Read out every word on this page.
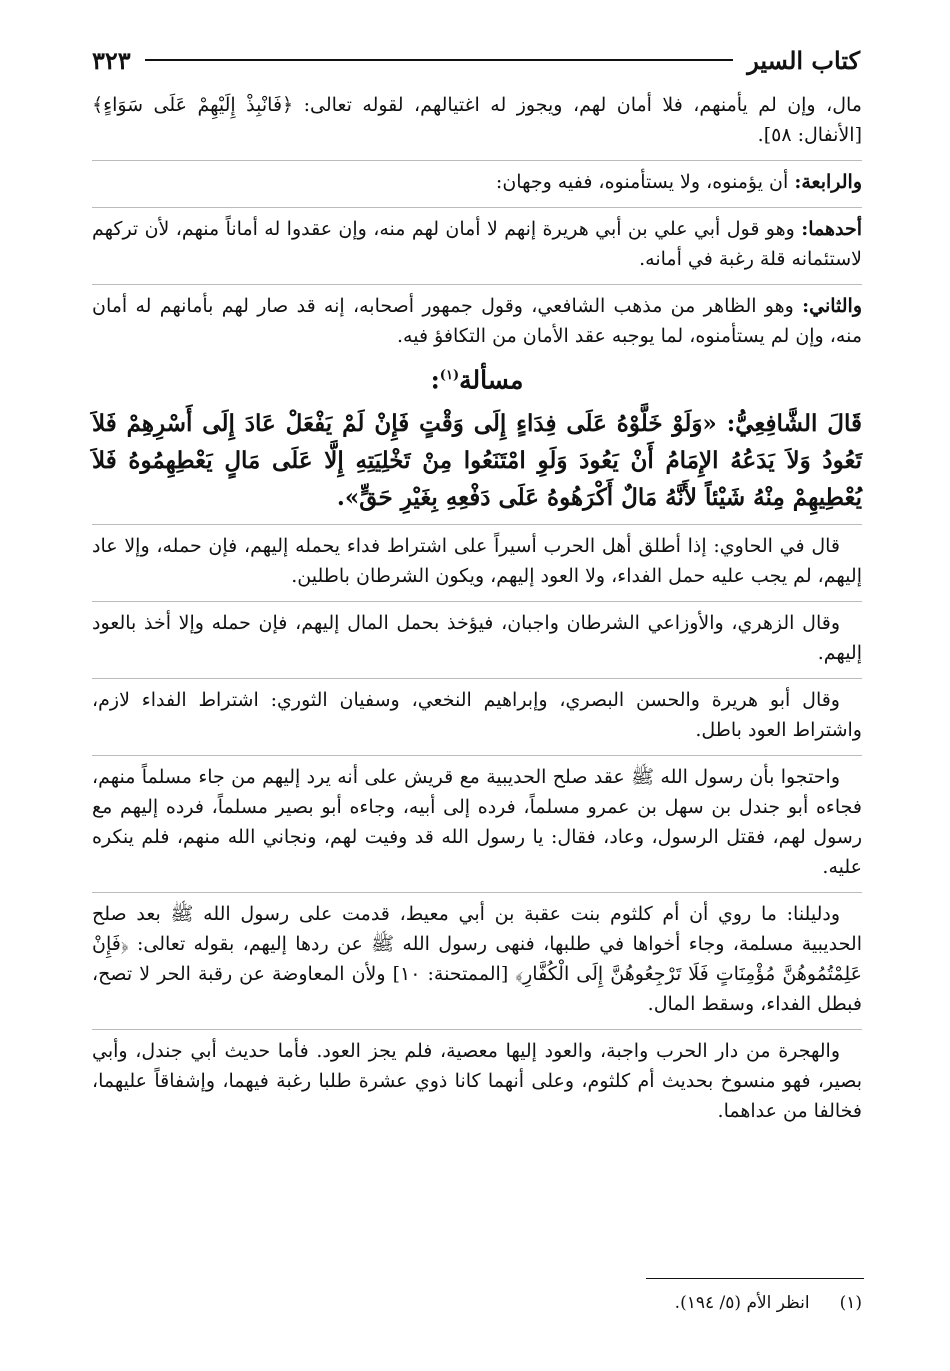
كتاب السير
٣٢٣

مال، وإن لم يأمنهم، فلا أمان لهم، ويجوز له اغتيالهم، لقوله تعالى: ﴿فَانْبِذْ إِلَيْهِمْ عَلَى سَوَاءٍ﴾ [الأنفال: ٥٨].

والرابعة: أن يؤمنوه، ولا يستأمنوه، ففيه وجهان:

أحدهما: وهو قول أبي علي بن أبي هريرة إنهم لا أمان لهم منه، وإن عقدوا له أماناً منهم، لأن تركهم لاستئمانه قلة رغبة في أمانه.

والثاني: وهو الظاهر من مذهب الشافعي، وقول جمهور أصحابه، إنه قد صار لهم بأمانهم له أمان منه، وإن لم يستأمنوه، لما يوجبه عقد الأمان من التكافؤ فيه.

مسألة$^{(١)}$:

قَالَ الشَّافِعِيُّ: «وَلَوْ خَلَّوْهُ عَلَى فِدَاءٍ إِلَى وَقْتٍ فَإِنْ لَمْ يَفْعَلْ عَادَ إِلَى أَسْرِهِمْ فَلاَ تَعُودُ وَلاَ يَدَعُهُ الإِمَامُ أَنْ يَعُودَ وَلَوِ امْتَنَعُوا مِنْ تَخْلِيَتِهِ إِلَّا عَلَى مَالٍ يَعْطِهِمُوهُ فَلاَ يُعْطِيهِمْ مِنْهُ شَيْئاً لأَنَّهُ مَالٌ أَكْرَهُوهُ عَلَى دَفْعِهِ بِغَيْرِ حَقٍّ».

قال في الحاوي: إذا أطلق أهل الحرب أسيراً على اشتراط فداء يحمله إليهم، فإن حمله، وإلا عاد إليهم، لم يجب عليه حمل الفداء، ولا العود إليهم، ويكون الشرطان باطلين.

وقال الزهري، والأوزاعي الشرطان واجبان، فيؤخذ بحمل المال إليهم، فإن حمله وإلا أخذ بالعود إليهم.

وقال أبو هريرة والحسن البصري، وإبراهيم النخعي، وسفيان الثوري: اشتراط الفداء لازم، واشتراط العود باطل.

واحتجوا بأن رسول الله ﷺ عقد صلح الحديبية مع قريش على أنه يرد إليهم من جاء مسلماً منهم، فجاءه أبو جندل بن سهل بن عمرو مسلماً، فرده إلى أبيه، وجاءه أبو بصير مسلماً، فرده إليهم مع رسول لهم، فقتل الرسول، وعاد، فقال: يا رسول الله قد وفيت لهم، ونجاني الله منهم، فلم ينكره عليه.

ودليلنا: ما روي أن أم كلثوم بنت عقبة بن أبي معيط، قدمت على رسول الله ﷺ بعد صلح الحديبية مسلمة، وجاء أخواها في طلبها، فنهى رسول الله ﷺ عن ردها إليهم، بقوله تعالى: ﴿فَإِنْ عَلِمْتُمُوهُنَّ مُؤْمِنَاتٍ فَلَا تَرْجِعُوهُنَّ إِلَى الْكُفَّارِ﴾ [الممتحنة: ١٠] ولأن المعاوضة عن رقبة الحر لا تصح، فبطل الفداء، وسقط المال.

والهجرة من دار الحرب واجبة، والعود إليها معصية، فلم يجز العود. فأما حديث أبي جندل، وأبي بصير، فهو منسوخ بحديث أم كلثوم، وعلى أنهما كانا ذوي عشرة طلبا رغبة فيهما، وإشفاقاً عليهما، فخالفا من عداهما.

(١)
انظر الأم (٥/ ١٩٤).
